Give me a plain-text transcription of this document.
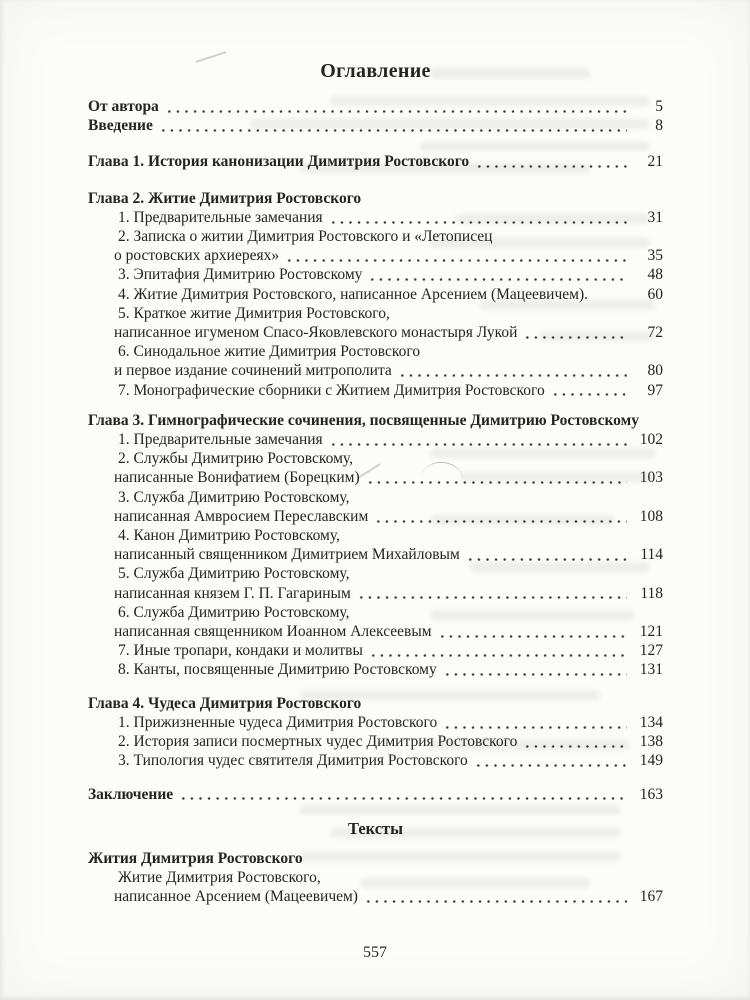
Оглавление
От автора	5
Введение	8
Глава 1. История канонизации Димитрия Ростовского	21
Глава 2. Житие Димитрия Ростовского
1. Предварительные замечания	31
2. Записка о житии Димитрия Ростовского и «Летописец
о ростовских архиереях»	35
3. Эпитафия Димитрию Ростовскому	48
4. Житие Димитрия Ростовского, написанное Арсением (Мацеевичем).	60
5. Краткое житие Димитрия Ростовского,
написанное игуменом Спасо-Яковлевского монастыря Лукой	72
6. Синодальное житие Димитрия Ростовского
и первое издание сочинений митрополита	80
7. Монографические сборники с Житием Димитрия Ростовского	97
Глава 3. Гимнографические сочинения, посвященные Димитрию Ростовскому
1. Предварительные замечания	102
2. Службы Димитрию Ростовскому,
написанные Вонифатием (Борецким)	103
3. Служба Димитрию Ростовскому,
написанная Амвросием Переславским	108
4. Канон Димитрию Ростовскому,
написанный священником Димитрием Михайловым	114
5. Служба Димитрию Ростовскому,
написанная князем Г. П. Гагариным	118
6. Служба Димитрию Ростовскому,
написанная священником Иоанном Алексеевым	121
7. Иные тропари, кондаки и молитвы	127
8. Канты, посвященные Димитрию Ростовскому	131
Глава 4. Чудеса Димитрия Ростовского
1. Прижизненные чудеса Димитрия Ростовского	134
2. История записи посмертных чудес Димитрия Ростовского	138
3. Типология чудес святителя Димитрия Ростовского	149
Заключение	163
Тексты
Жития Димитрия Ростовского
Житие Димитрия Ростовского,
написанное Арсением (Мацеевичем)	167
557
